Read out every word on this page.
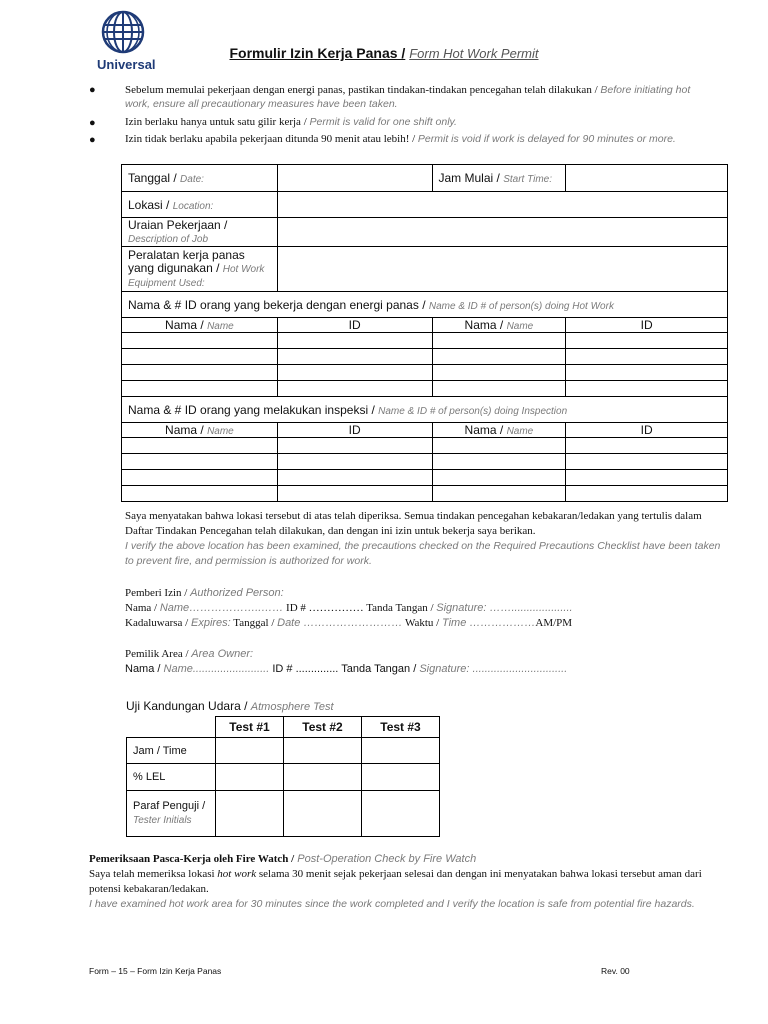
Universal
Formulir Izin Kerja Panas / Form Hot Work Permit
●	Sebelum memulai pekerjaan dengan energi panas, pastikan tindakan-tindakan pencegahan telah dilakukan / Before initiating hot work, ensure all precautionary measures have been taken.
●	Izin berlaku hanya untuk satu gilir kerja / Permit is valid for one shift only.
●	Izin tidak berlaku apabila pekerjaan ditunda 90 menit atau lebih! / Permit is void if work is delayed for 90 minutes or more.
Tanggal / Date:		Jam Mulai / Start Time:	
Lokasi / Location:			
Uraian Pekerjaan /
Description of Job			
Peralatan kerja panas yang digunakan / Hot Work Equipment Used:			
Nama & # ID orang yang bekerja dengan energi panas / Name & ID # of person(s) doing Hot Work			
Nama / Name	ID	Nama / Name	ID

Nama & # ID orang yang melakukan inspeksi / Name & ID # of person(s) doing Inspection			
Nama / Name	ID	Nama / Name	ID

Saya menyatakan bahwa lokasi tersebut di atas telah diperiksa. Semua tindakan pencegahan kebakaran/ledakan yang tertulis dalam Daftar Tindakan Pencegahan telah dilakukan, dan dengan ini izin untuk bekerja saya berikan.
I verify the above location has been examined, the precautions checked on the Required Precautions Checklist have been taken to prevent fire, and permission is authorized for work.
Pemberi Izin / Authorized Person:
Nama / Name………………..…… ID # …………… Tanda Tangan / Signature: ……....................
Kadaluwarsa / Expires: Tanggal / Date ……………………… Waktu / Time ………………AM/PM
Pemilik Area / Area Owner:
Nama / Name......................... ID # .............. Tanda Tangan / Signature: ...............................
Uji Kandungan Udara / Atmosphere Test
	Test #1	Test #2	Test #3
Jam / Time			
% LEL			
Paraf Penguji /
Tester Initials			
Pemeriksaan Pasca-Kerja oleh Fire Watch / Post-Operation Check by Fire Watch
Saya telah memeriksa lokasi hot work selama 30 menit sejak pekerjaan selesai dan dengan ini menyatakan bahwa lokasi tersebut aman dari potensi kebakaran/ledakan.
I have examined hot work area for 30 minutes since the work completed and I verify the location is safe from potential fire hazards.
Form – 15 – Form Izin Kerja Panas	Rev. 00
